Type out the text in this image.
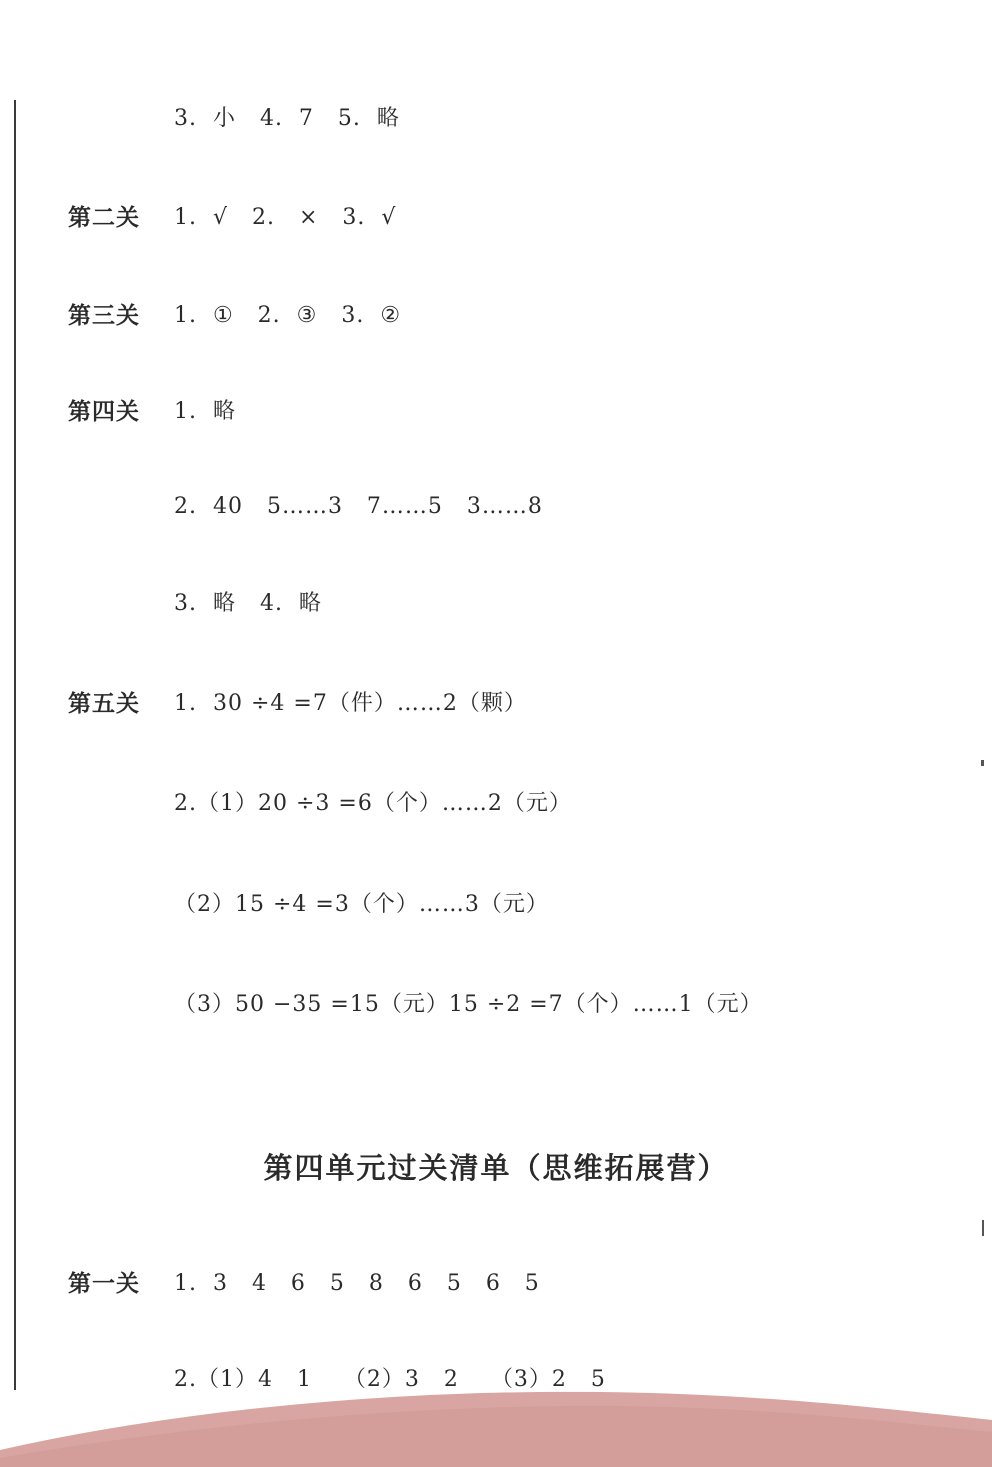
3.  小   4.  7   5.  略
第二关 1.  √   2.   ×   3.  √
第三关 1.  ①   2.  ③   3.  ②
第四关 1.  略
2.  40   5……3   7……5   3……8
3.  略   4.  略
第五关 1.  30 ÷4 =7（件）……2（颗）
2.（1）20 ÷3 =6（个）……2（元）
（2）15 ÷4 =3（个）……3（元）
（3）50 −35 =15（元）15 ÷2 =7（个）……1（元）
第四单元过关清单（思维拓展营）
第一关 1.  3   4   6   5   8   6   5   6   5
2.（1）4   1    （2）3   2    （3）2   5
